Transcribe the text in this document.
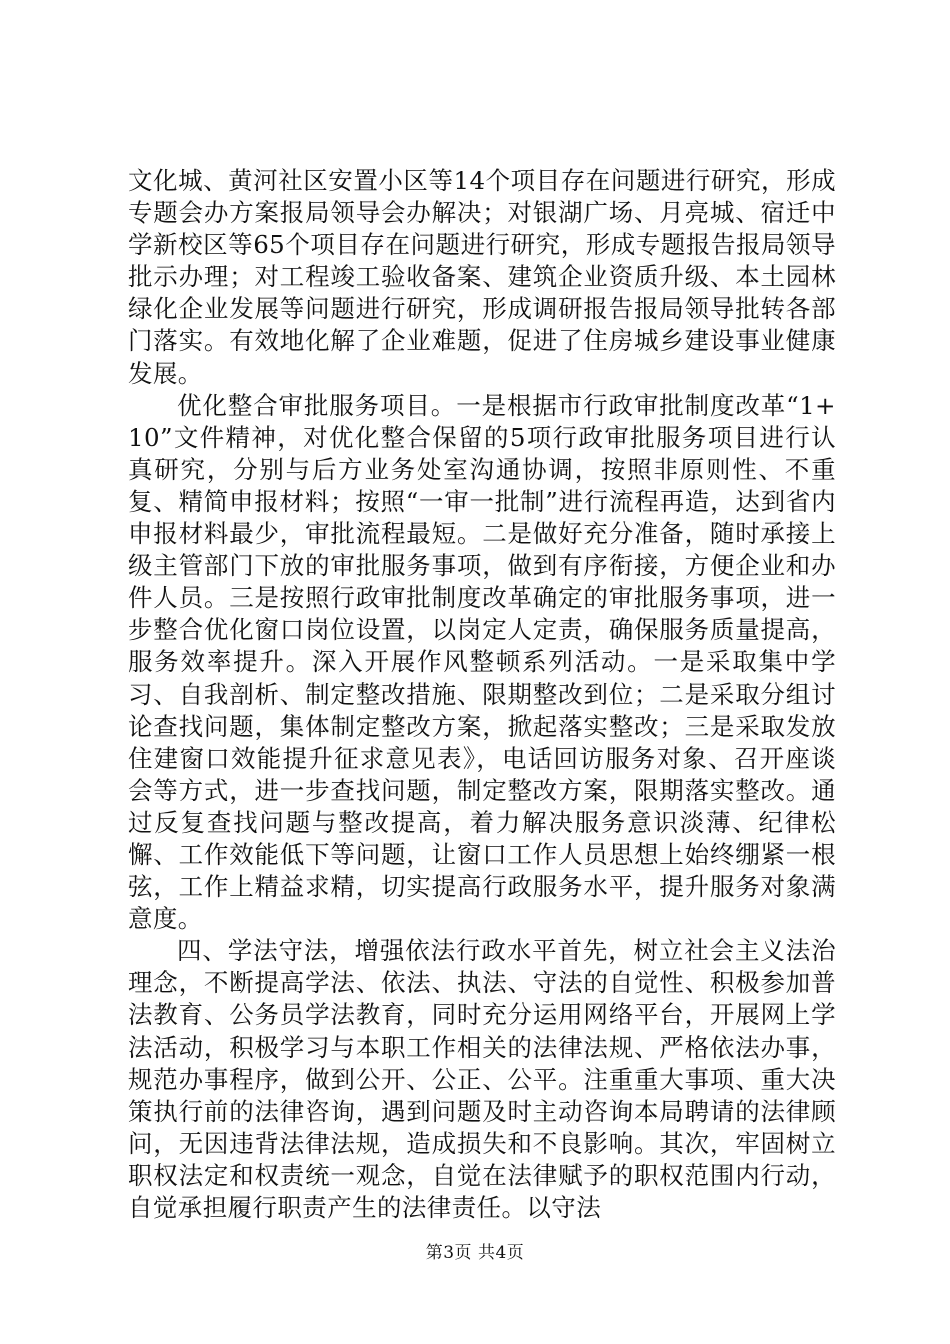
文化城、黄河社区安置小区等14个项目存在问题进行研究，形成专题会办方案报局领导会办解决；对银湖广场、月亮城、宿迁中学新校区等65个项目存在问题进行研究，形成专题报告报局领导批示办理；对工程竣工验收备案、建筑企业资质升级、本土园林绿化企业发展等问题进行研究，形成调研报告报局领导批转各部门落实。有效地化解了企业难题，促进了住房城乡建设事业健康发展。

优化整合审批服务项目。一是根据市行政审批制度改革“1+10”文件精神，对优化整合保留的5项行政审批服务项目进行认真研究，分别与后方业务处室沟通协调，按照非原则性、不重复、精简申报材料；按照“一审一批制”进行流程再造，达到省内申报材料最少，审批流程最短。二是做好充分准备，随时承接上级主管部门下放的审批服务事项，做到有序衔接，方便企业和办件人员。三是按照行政审批制度改革确定的审批服务事项，进一步整合优化窗口岗位设置，以岗定人定责，确保服务质量提高，服务效率提升。深入开展作风整顿系列活动。一是采取集中学习、自我剖析、制定整改措施、限期整改到位；二是采取分组讨论查找问题，集体制定整改方案，掀起落实整改；三是采取发放住建窗口效能提升征求意见表》，电话回访服务对象、召开座谈会等方式，进一步查找问题，制定整改方案，限期落实整改。通过反复查找问题与整改提高，着力解决服务意识淡薄、纪律松懈、工作效能低下等问题，让窗口工作人员思想上始终绷紧一根弦，工作上精益求精，切实提高行政服务水平，提升服务对象满意度。

四、学法守法，增强依法行政水平首先，树立社会主义法治理念，不断提高学法、依法、执法、守法的自觉性、积极参加普法教育、公务员学法教育，同时充分运用网络平台，开展网上学法活动，积极学习与本职工作相关的法律法规、严格依法办事，规范办事程序，做到公开、公正、公平。注重重大事项、重大决策执行前的法律咨询，遇到问题及时主动咨询本局聘请的法律顾问，无因违背法律法规，造成损失和不良影响。其次，牢固树立职权法定和权责统一观念，自觉在法律赋予的职权范围内行动，自觉承担履行职责产生的法律责任。以守法

第3页 共4页
